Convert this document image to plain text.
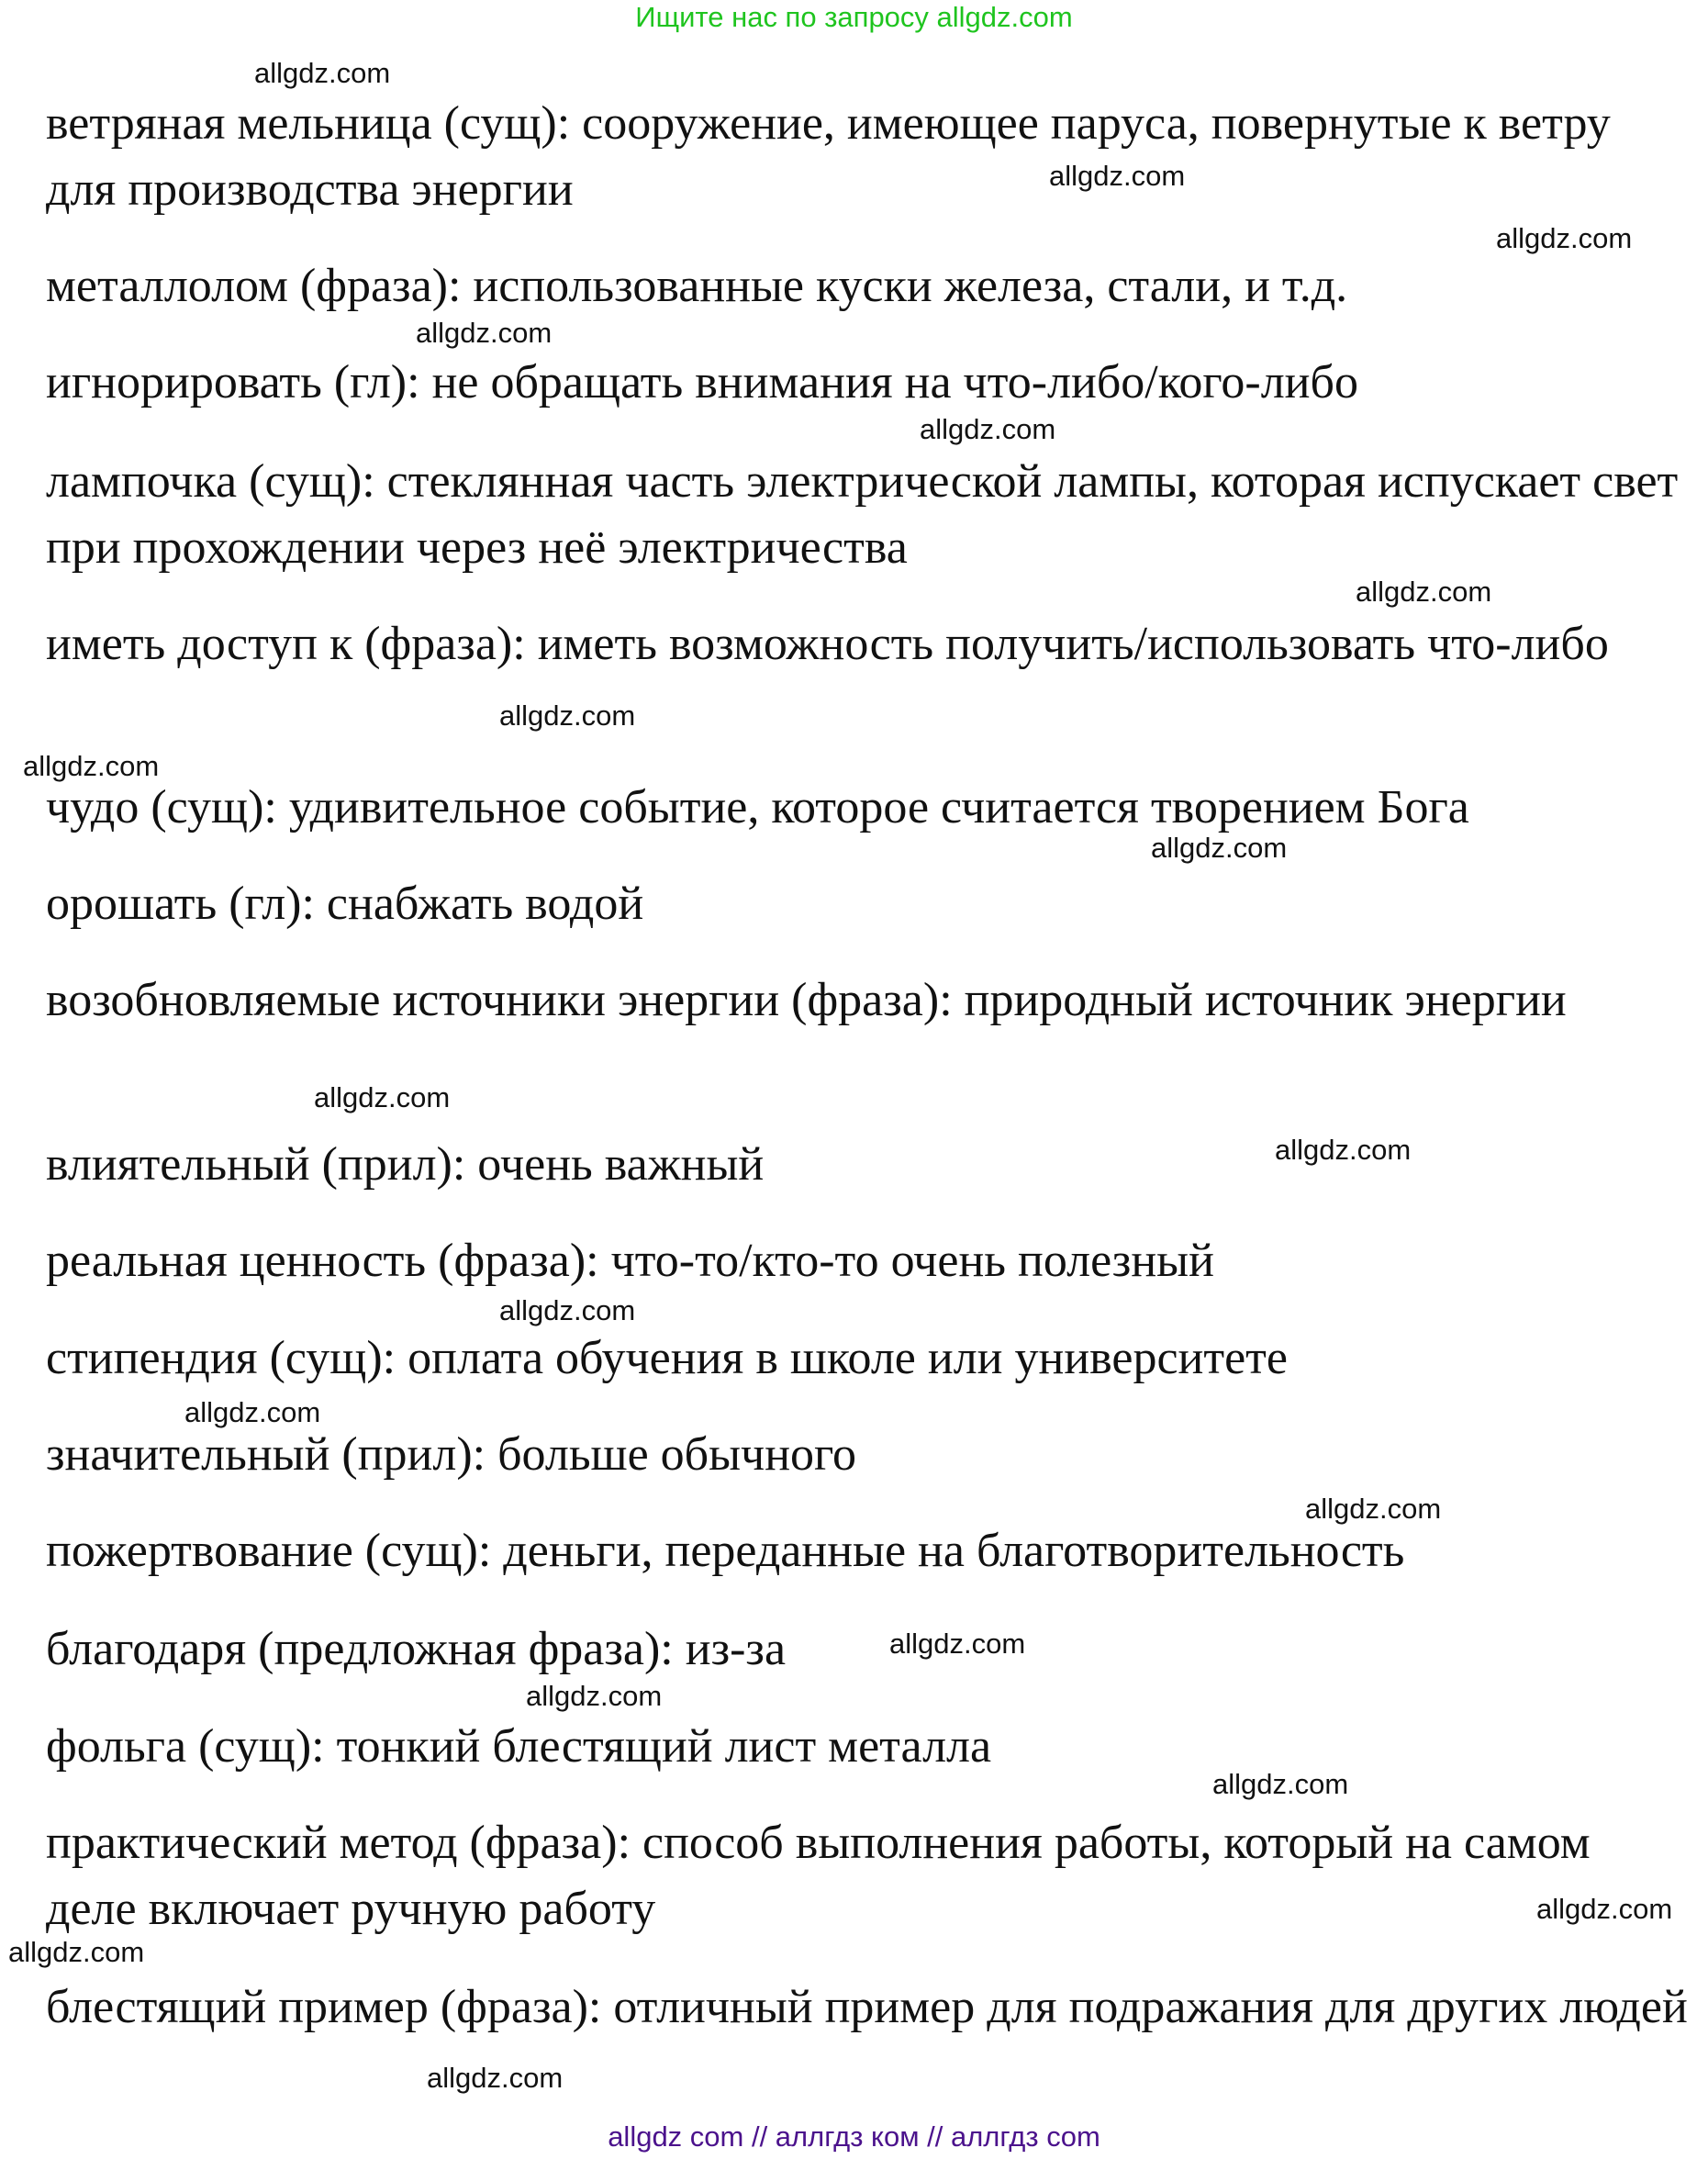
Ищите нас по запросу allgdz.com
ветряная мельница (сущ): сооружение, имеющее паруса, повернутые к ветру для производства энергии
металлолом (фраза): использованные куски железа, стали, и т.д.
игнорировать (гл): не обращать внимания на что-либо/кого-либо
лампочка (сущ): стеклянная часть электрической лампы, которая испускает свет при прохождении через неё электричества
иметь доступ к (фраза): иметь возможность получить/использовать что-либо
чудо (сущ): удивительное событие, которое считается творением Бога
орошать (гл): снабжать водой
возобновляемые источники энергии (фраза): природный источник энергии
влиятельный (прил): очень важный
реальная ценность (фраза): что-то/кто-то очень полезный
стипендия (сущ): оплата обучения в школе или университете
значительный (прил): больше обычного
пожертвование (сущ): деньги, переданные на благотворительность
благодаря (предложная фраза): из-за
фольга (сущ): тонкий блестящий лист металла
практический метод (фраза): способ выполнения работы, который на самом деле включает ручную работу
блестящий пример (фраза): отличный пример для подражания для других людей
allgdz.com
allgdz.com
allgdz.com
allgdz.com
allgdz.com
allgdz.com
allgdz.com
allgdz.com
allgdz.com
allgdz.com
allgdz.com
allgdz.com
allgdz.com
allgdz.com
allgdz.com
allgdz.com
allgdz.com
allgdz.com
allgdz.com
allgdz.com
allgdz com // аллгдз ком // аллгдз com
